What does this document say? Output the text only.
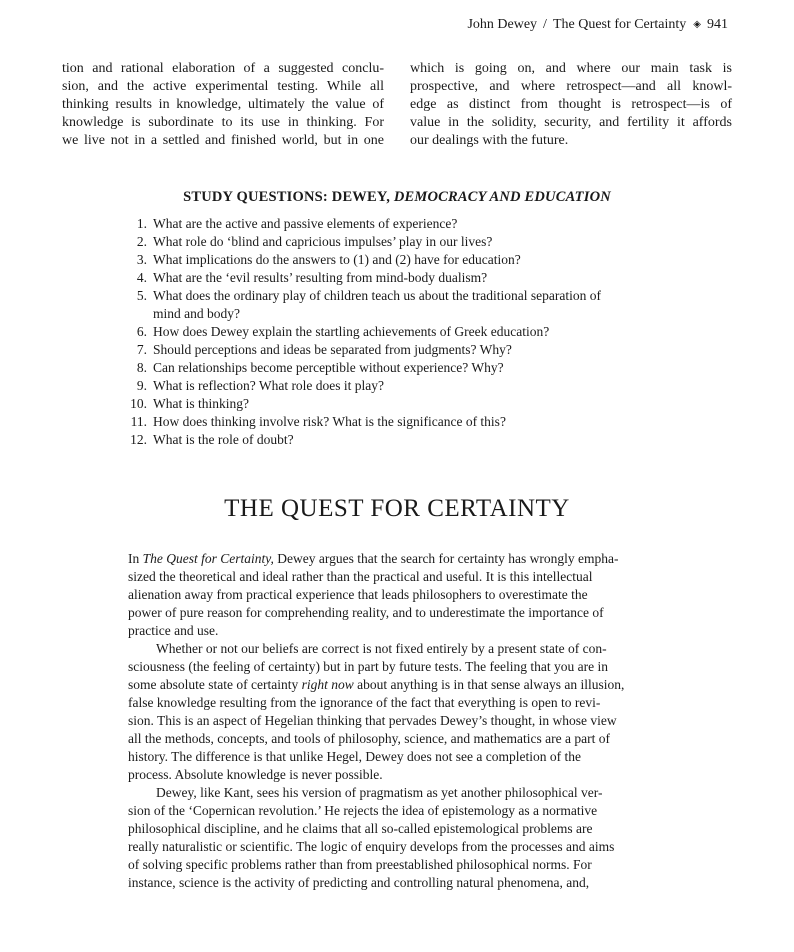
John Dewey / The Quest for Certainty ◈ 941
tion and rational elaboration of a suggested conclu-
sion, and the active experimental testing. While all
thinking results in knowledge, ultimately the value of
knowledge is subordinate to its use in thinking. For
we live not in a settled and finished world, but in one
which is going on, and where our main task is
prospective, and where retrospect—and all knowl-
edge as distinct from thought is retrospect—is of
value in the solidity, security, and fertility it affords
our dealings with the future.
STUDY QUESTIONS: DEWEY, DEMOCRACY AND EDUCATION
1. What are the active and passive elements of experience?
2. What role do ‘blind and capricious impulses’ play in our lives?
3. What implications do the answers to (1) and (2) have for education?
4. What are the ‘evil results’ resulting from mind-body dualism?
5. What does the ordinary play of children teach us about the traditional separation of
mind and body?
6. How does Dewey explain the startling achievements of Greek education?
7. Should perceptions and ideas be separated from judgments? Why?
8. Can relationships become perceptible without experience? Why?
9. What is reflection? What role does it play?
10. What is thinking?
11. How does thinking involve risk? What is the significance of this?
12. What is the role of doubt?
THE QUEST FOR CERTAINTY

In The Quest for Certainty, Dewey argues that the search for certainty has wrongly empha-
sized the theoretical and ideal rather than the practical and useful. It is this intellectual
alienation away from practical experience that leads philosophers to overestimate the
power of pure reason for comprehending reality, and to underestimate the importance of
practice and use.

Whether or not our beliefs are correct is not fixed entirely by a present state of con-
sciousness (the feeling of certainty) but in part by future tests. The feeling that you are in
some absolute state of certainty right now about anything is in that sense always an illusion,
false knowledge resulting from the ignorance of the fact that everything is open to revi-
sion. This is an aspect of Hegelian thinking that pervades Dewey’s thought, in whose view
all the methods, concepts, and tools of philosophy, science, and mathematics are a part of
history. The difference is that unlike Hegel, Dewey does not see a completion of the
process. Absolute knowledge is never possible.

Dewey, like Kant, sees his version of pragmatism as yet another philosophical ver-
sion of the ‘Copernican revolution.’ He rejects the idea of epistemology as a normative
philosophical discipline, and he claims that all so-called epistemological problems are
really naturalistic or scientific. The logic of enquiry develops from the processes and aims
of solving specific problems rather than from preestablished philosophical norms. For
instance, science is the activity of predicting and controlling natural phenomena, and,
